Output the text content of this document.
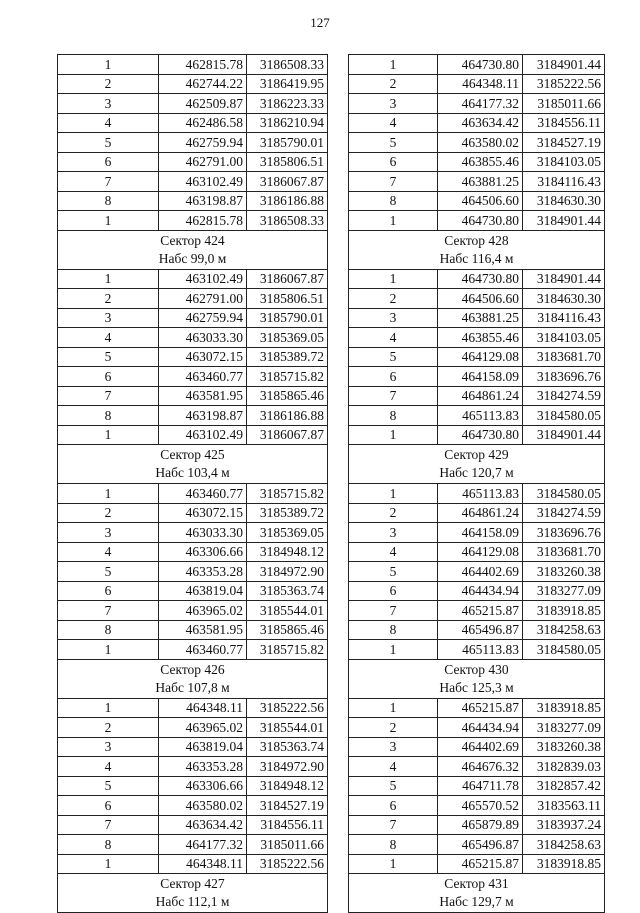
127
1	462815.78	3186508.33
2	462744.22	3186419.95
3	462509.87	3186223.33
4	462486.58	3186210.94
5	462759.94	3185790.01
6	462791.00	3185806.51
7	463102.49	3186067.87
8	463198.87	3186186.88
1	462815.78	3186508.33

Сектор 424
Набс 99,0 м		

1	463102.49	3186067.87
2	462791.00	3185806.51
3	462759.94	3185790.01
4	463033.30	3185369.05
5	463072.15	3185389.72
6	463460.77	3185715.82
7	463581.95	3185865.46
8	463198.87	3186186.88
1	463102.49	3186067.87

Сектор 425
Набс 103,4 м		

1	463460.77	3185715.82
2	463072.15	3185389.72
3	463033.30	3185369.05
4	463306.66	3184948.12
5	463353.28	3184972.90
6	463819.04	3185363.74
7	463965.02	3185544.01
8	463581.95	3185865.46
1	463460.77	3185715.82

Сектор 426
Набс 107,8 м		

1	464348.11	3185222.56
2	463965.02	3185544.01
3	463819.04	3185363.74
4	463353.28	3184972.90
5	463306.66	3184948.12
6	463580.02	3184527.19
7	463634.42	3184556.11
8	464177.32	3185011.66
1	464348.11	3185222.56

Сектор 427
Набс 112,1 м		
1	464730.80	3184901.44
2	464348.11	3185222.56
3	464177.32	3185011.66
4	463634.42	3184556.11
5	463580.02	3184527.19
6	463855.46	3184103.05
7	463881.25	3184116.43
8	464506.60	3184630.30
1	464730.80	3184901.44

Сектор 428
Набс 116,4 м		

1	464730.80	3184901.44
2	464506.60	3184630.30
3	463881.25	3184116.43
4	463855.46	3184103.05
5	464129.08	3183681.70
6	464158.09	3183696.76
7	464861.24	3184274.59
8	465113.83	3184580.05
1	464730.80	3184901.44

Сектор 429
Набс 120,7 м		

1	465113.83	3184580.05
2	464861.24	3184274.59
3	464158.09	3183696.76
4	464129.08	3183681.70
5	464402.69	3183260.38
6	464434.94	3183277.09
7	465215.87	3183918.85
8	465496.87	3184258.63
1	465113.83	3184580.05

Сектор 430
Набс 125,3 м		

1	465215.87	3183918.85
2	464434.94	3183277.09
3	464402.69	3183260.38
4	464676.32	3182839.03
5	464711.78	3182857.42
6	465570.52	3183563.11
7	465879.89	3183937.24
8	465496.87	3184258.63
1	465215.87	3183918.85

Сектор 431
Набс 129,7 м		
